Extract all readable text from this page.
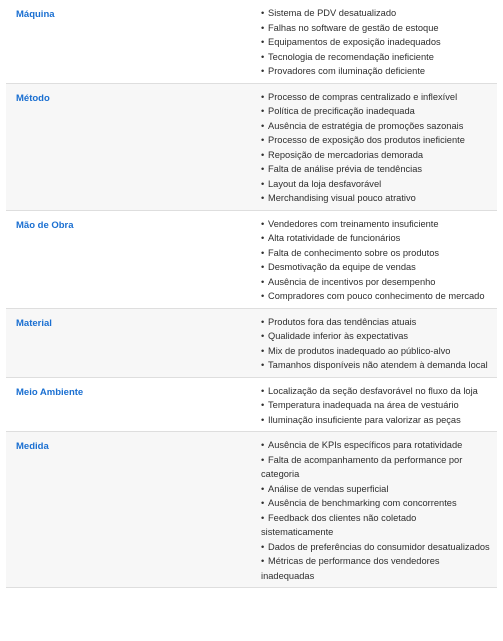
Máquina	• Sistema de PDV desatualizado
• Falhas no software de gestão de estoque
• Equipamentos de exposição inadequados
• Tecnologia de recomendação ineficiente
• Provadores com iluminação deficiente
Método	• Processo de compras centralizado e inflexível
• Política de precificação inadequada
• Ausência de estratégia de promoções sazonais
• Processo de exposição dos produtos ineficiente
• Reposição de mercadorias demorada
• Falta de análise prévia de tendências
• Layout da loja desfavorável
• Merchandising visual pouco atrativo
Mão de Obra	• Vendedores com treinamento insuficiente
• Alta rotatividade de funcionários
• Falta de conhecimento sobre os produtos
• Desmotivação da equipe de vendas
• Ausência de incentivos por desempenho
• Compradores com pouco conhecimento de mercado
Material	• Produtos fora das tendências atuais
• Qualidade inferior às expectativas
• Mix de produtos inadequado ao público-alvo
• Tamanhos disponíveis não atendem à demanda local
Meio Ambiente	• Localização da seção desfavorável no fluxo da loja
• Temperatura inadequada na área de vestuário
• Iluminação insuficiente para valorizar as peças
Medida	• Ausência de KPIs específicos para rotatividade
• Falta de acompanhamento da performance por categoria
• Análise de vendas superficial
• Ausência de benchmarking com concorrentes
• Feedback dos clientes não coletado sistematicamente
• Dados de preferências do consumidor desatualizados
• Métricas de performance dos vendedores inadequadas
